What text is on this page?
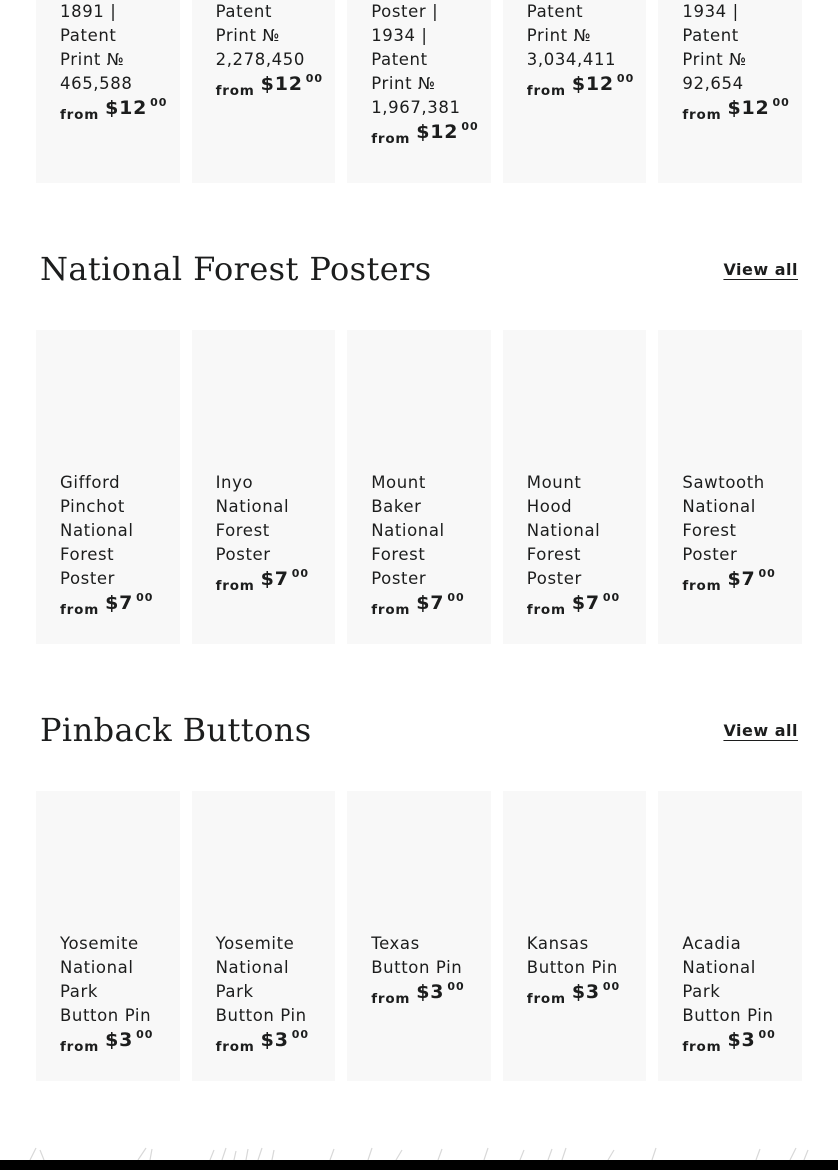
1891 | Patent Print № 465,588
from $12 00
Patent Print № 2,278,450
from $12 00
Poster | 1934 | Patent Print № 1,967,381
from $12 00
Patent Print № 3,034,411
from $12 00
1934 | Patent Print № 92,654
from $12 00
National Forest Posters	View all
Gifford Pinchot National Forest Poster
from $7 00
Inyo National Forest Poster
from $7 00
Mount Baker National Forest Poster
from $7 00
Mount Hood National Forest Poster
from $7 00
Sawtooth National Forest Poster
from $7 00
Pinback Buttons	View all
Yosemite National Park Button Pin
from $3 00
Yosemite National Park Button Pin
from $3 00
Texas Button Pin
from $3 00
Kansas Button Pin
from $3 00
Acadia National Park Button Pin
from $3 00
